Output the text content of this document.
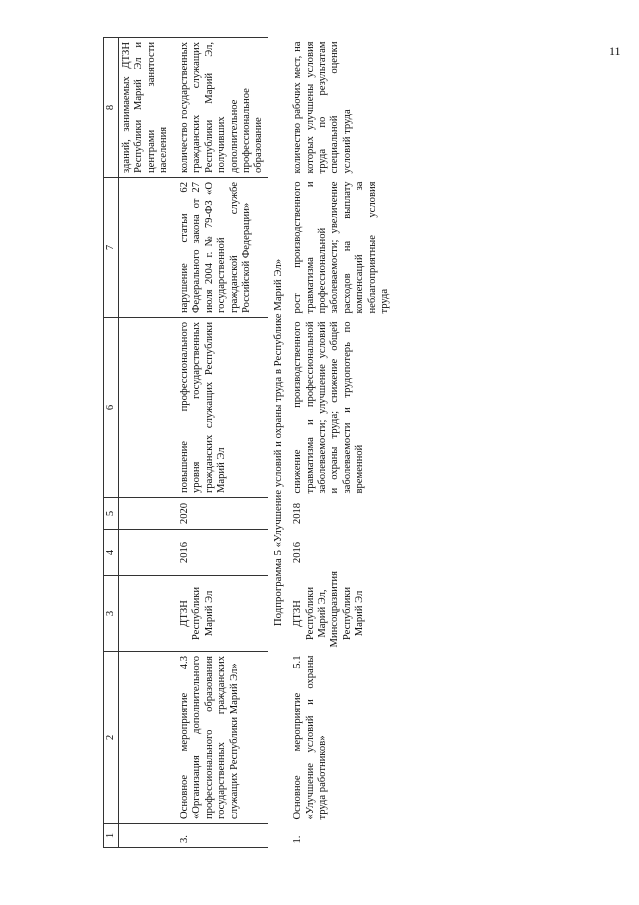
11
1	2	3	4	5	6	7	8
							зданий, занимаемых ДТЗН Республики Марий Эл и центрами занятости населения
3.	Основное мероприятие 4.3 «Организация дополнительного профессионального образования государственных гражданских служащих Республики Марий Эл»	ДТЗН Республики Марий Эл	2016	2020	повышение профессионального уровня государственных гражданских служащих Республики Марий Эл	нарушение статьи 62 Федерального закона от 27 июля 2004 г. № 79-ФЗ «О государственной гражданской службе Российской Федерации»	количество государственных гражданских служащих Республики Марий Эл, получивших дополнительное профессиональное образование
Подпрограмма 5 «Улучшение условий и охраны труда в Республике Марий Эл»							
1.	Основное мероприятие 5.1 «Улучшение условий и охраны труда работников»	ДТЗН Республики Марий Эл, Минсоцразвития Республики Марий Эл	2016	2018	снижение производственного травматизма и профессиональной заболеваемости; улучшение условий и охраны труда; снижение общей заболеваемости и трудопотерь по временной	рост производственного травматизма и профессиональной заболеваемости; увеличение расходов на выплату компенсаций за неблагоприятные условия труда	количество рабочих мест, на которых улучшены условия труда по результатам специальной оценки условий труда
